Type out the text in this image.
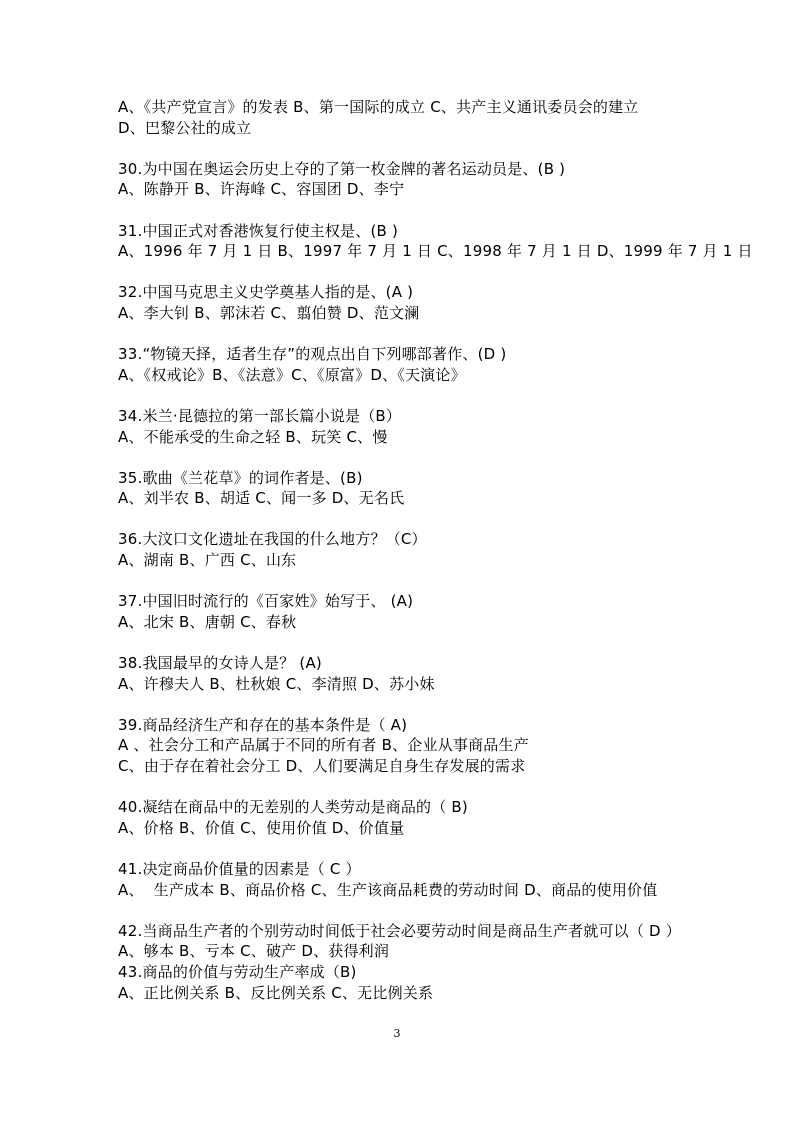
A、《共产党宣言》的发表 B、第一国际的成立 C、共产主义通讯委员会的建立
D、巴黎公社的成立
30.为中国在奥运会历史上夺的了第一枚金牌的著名运动员是、(B )
A、陈静开 B、许海峰 C、容国团 D、李宁
31.中国正式对香港恢复行使主权是、(B )
A、1996 年 7 月 1 日 B、1997 年 7 月 1 日 C、1998 年 7 月 1 日 D、1999 年 7 月 1 日
32.中国马克思主义史学奠基人指的是、(A )
A、李大钊 B、郭沫若 C、翦伯赞 D、范文澜
33.“物镜天择，适者生存”的观点出自下列哪部著作、(D )
A、《权戒论》B、《法意》C、《原富》D、《天演论》
34.米兰·昆德拉的第一部长篇小说是（B）
A、不能承受的生命之轻 B、玩笑 C、慢
35.歌曲《兰花草》的词作者是、(B)
A、刘半农 B、胡适 C、闻一多 D、无名氏
36.大汶口文化遗址在我国的什么地方？（C）
A、湖南 B、广西 C、山东
37.中国旧时流行的《百家姓》始写于、 (A)
A、北宋 B、唐朝 C、春秋
38.我国最早的女诗人是？ (A)
A、许穆夫人 B、杜秋娘 C、李清照 D、苏小妹
39.商品经济生产和存在的基本条件是（ A)
A 、社会分工和产品属于不同的所有者 B、企业从事商品生产
C、由于存在着社会分工 D、人们要满足自身生存发展的需求
40.凝结在商品中的无差别的人类劳动是商品的（ B)
A、价格 B、价值 C、使用价值 D、价值量
41.决定商品价值量的因素是（ C ）
A、  生产成本 B、商品价格 C、生产该商品耗费的劳动时间 D、商品的使用价值
42.当商品生产者的个别劳动时间低于社会必要劳动时间是商品生产者就可以（ D ）
A、够本 B、亏本 C、破产 D、获得利润
43.商品的价值与劳动生产率成（B)
A、正比例关系 B、反比例关系 C、无比例关系
3
